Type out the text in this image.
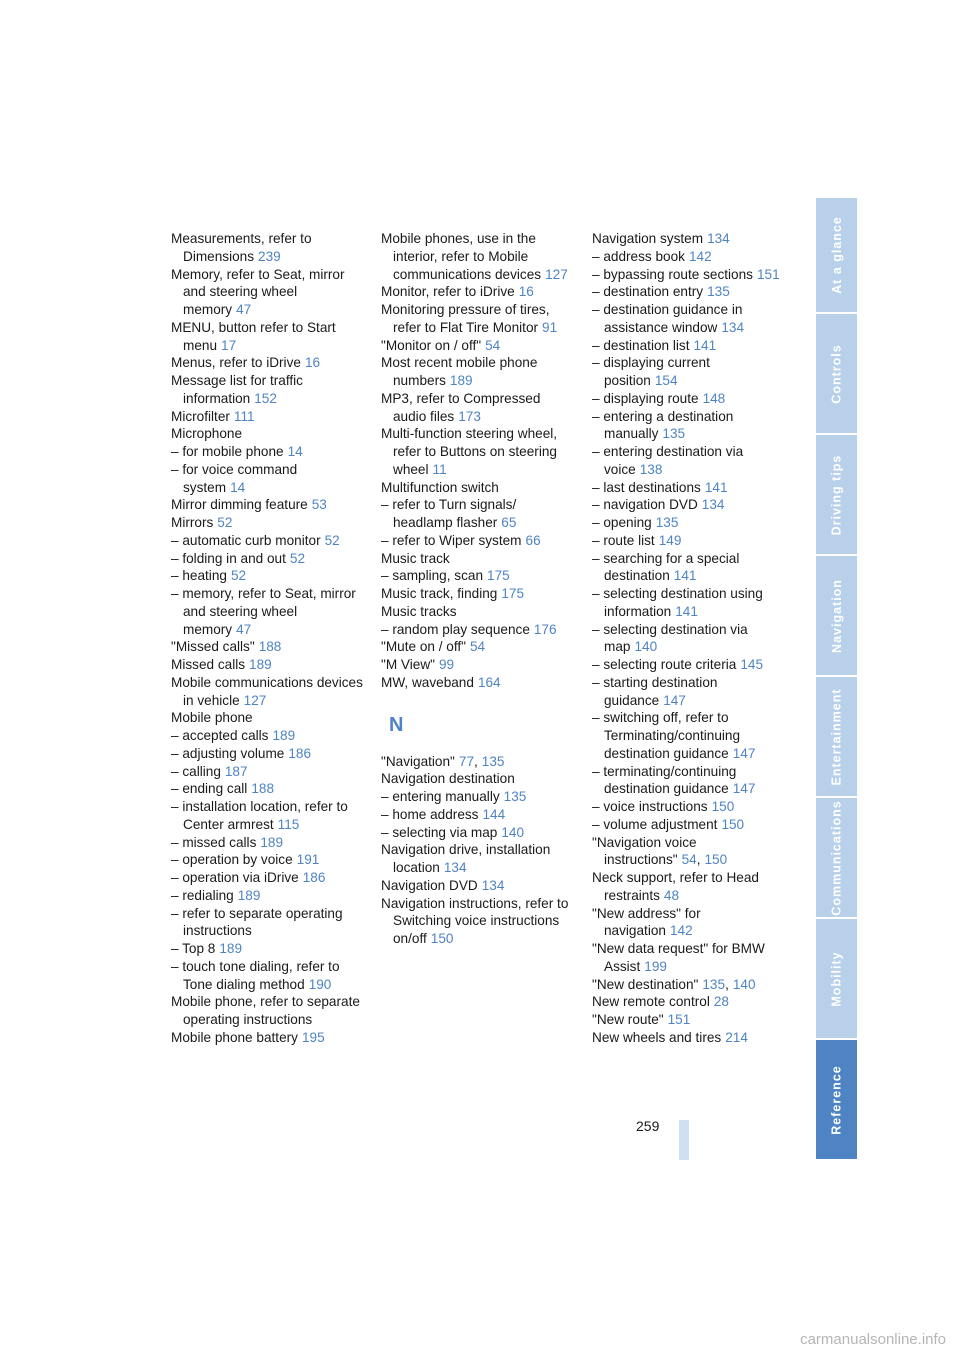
Measurements, refer to Dimensions 239
Memory, refer to Seat, mirror and steering wheel memory 47
MENU, button refer to Start menu 17
Menus, refer to iDrive 16
Message list for traffic information 152
Microfilter 111
Microphone
– for mobile phone 14
– for voice command system 14
Mirror dimming feature 53
Mirrors 52
– automatic curb monitor 52
– folding in and out 52
– heating 52
– memory, refer to Seat, mirror and steering wheel memory 47
"Missed calls" 188
Missed calls 189
Mobile communications devices in vehicle 127
Mobile phone
– accepted calls 189
– adjusting volume 186
– calling 187
– ending call 188
– installation location, refer to Center armrest 115
– missed calls 189
– operation by voice 191
– operation via iDrive 186
– redialing 189
– refer to separate operating instructions
– Top 8 189
– touch tone dialing, refer to Tone dialing method 190
Mobile phone, refer to separate operating instructions
Mobile phone battery 195
Mobile phones, use in the interior, refer to Mobile communications devices 127
Monitor, refer to iDrive 16
Monitoring pressure of tires, refer to Flat Tire Monitor 91
"Monitor on / off" 54
Most recent mobile phone numbers 189
MP3, refer to Compressed audio files 173
Multi-function steering wheel, refer to Buttons on steering wheel 11
Multifunction switch
– refer to Turn signals/ headlamp flasher 65
– refer to Wiper system 66
Music track
– sampling, scan 175
Music track, finding 175
Music tracks
– random play sequence 176
"Mute on / off" 54
"M View" 99
MW, waveband 164
N
"Navigation" 77, 135
Navigation destination
– entering manually 135
– home address 144
– selecting via map 140
Navigation drive, installation location 134
Navigation DVD 134
Navigation instructions, refer to Switching voice instructions on/off 150
Navigation system 134
– address book 142
– bypassing route sections 151
– destination entry 135
– destination guidance in assistance window 134
– destination list 141
– displaying current position 154
– displaying route 148
– entering a destination manually 135
– entering destination via voice 138
– last destinations 141
– navigation DVD 134
– opening 135
– route list 149
– searching for a special destination 141
– selecting destination using information 141
– selecting destination via map 140
– selecting route criteria 145
– starting destination guidance 147
– switching off, refer to Terminating/continuing destination guidance 147
– terminating/continuing destination guidance 147
– voice instructions 150
– volume adjustment 150
"Navigation voice instructions" 54, 150
Neck support, refer to Head restraints 48
"New address" for navigation 142
"New data request" for BMW Assist 199
"New destination" 135, 140
New remote control 28
"New route" 151
New wheels and tires 214
At a glance
Controls
Driving tips
Navigation
Entertainment
Communications
Mobility
Reference
259
carmanualsonline.info
